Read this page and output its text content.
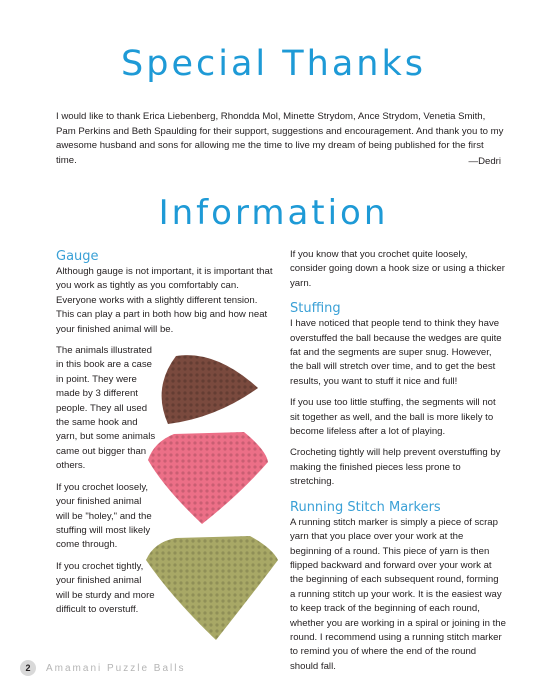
Special Thanks
I would like to thank Erica Liebenberg, Rhondda Mol, Minette Strydom, Ance Strydom, Venetia Smith, Pam Perkins and Beth Spaulding for their support, suggestions and encouragement. And thank you to my awesome husband and sons for allowing me the time to live my dream of being published for the first time.	—Dedri
Information
Gauge

Although gauge is not important, it is important that you work as tightly as you comfortably can. Everyone works with a slightly different tension. This can play a part in both how big and how neat your finished animal will be.

The animals illustrated in this book are a case in point. They were made by 3 different people. They all used the same hook and yarn, but some animals came out bigger than others.

If you crochet loosely, your finished animal will be "holey," and the stuffing will most likely come through.

If you crochet tightly, your finished animal will be sturdy and more difficult to overstuff.

If you know that you crochet quite loosely, consider going down a hook size or using a thicker yarn.

Stuffing

I have noticed that people tend to think they have overstuffed the ball because the wedges are quite fat and the segments are super snug. However, the ball will stretch over time, and to get the best results, you want to stuff it nice and full!

If you use too little stuffing, the segments will not sit together as well, and the ball is more likely to become lifeless after a lot of playing.

Crocheting tightly will help prevent overstuffing by making the finished pieces less prone to stretching.

Running Stitch Markers

A running stitch marker is simply a piece of scrap yarn that you place over your work at the beginning of a round. This piece of yarn is then flipped backward and forward over your work at the beginning of each subsequent round, forming a running stitch up your work. It is the easiest way to keep track of the beginning of each round, whether you are working in a spiral or joining in the round. I recommend using a running stitch marker to remind you of where the end of the round should fall.

2	Amamani Puzzle Balls
